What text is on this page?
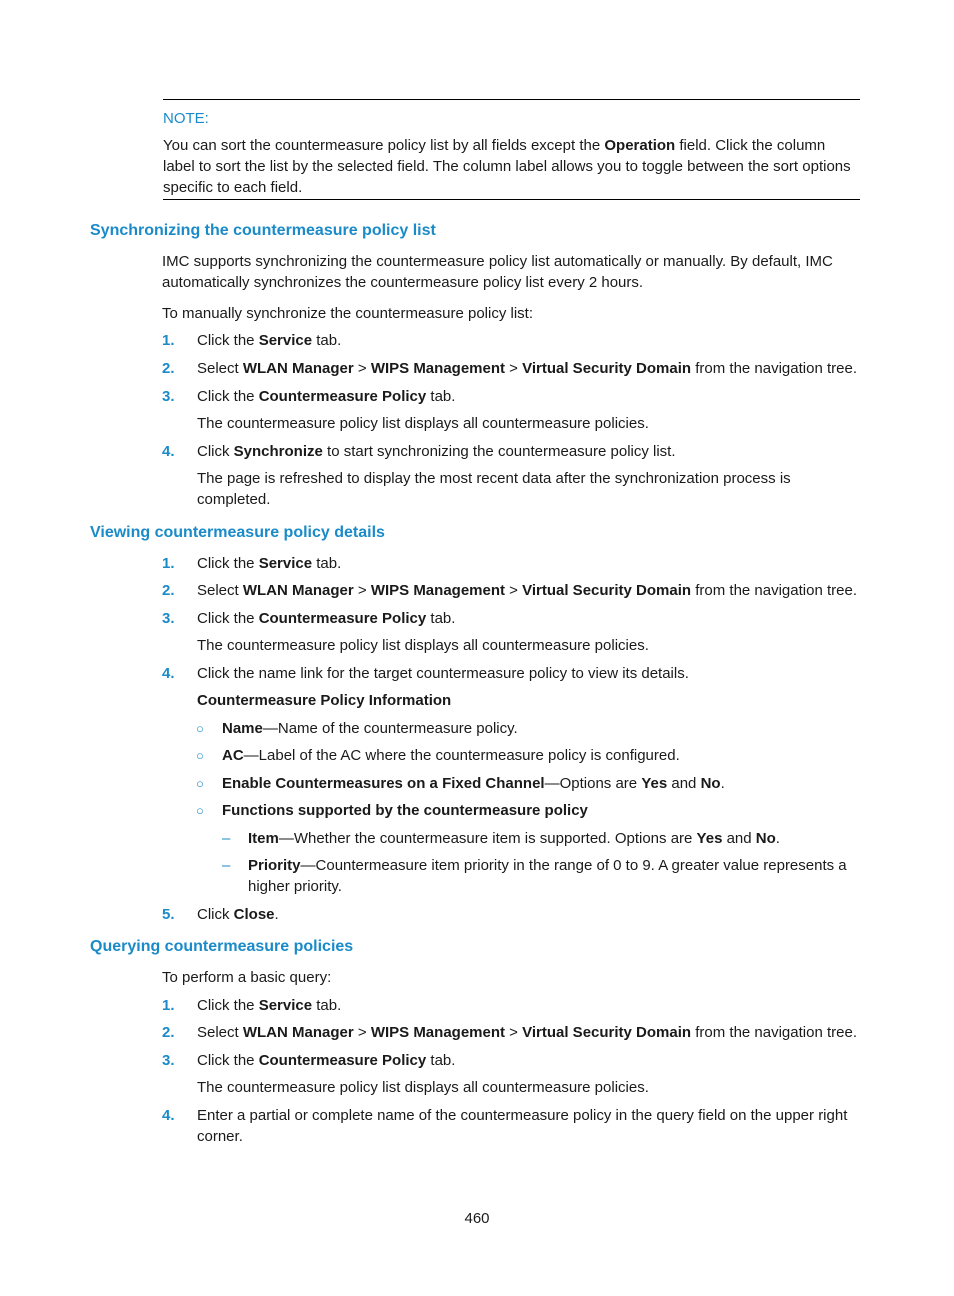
NOTE:
You can sort the countermeasure policy list by all fields except the Operation field. Click the column label to sort the list by the selected field. The column label allows you to toggle between the sort options specific to each field.
Synchronizing the countermeasure policy list
IMC supports synchronizing the countermeasure policy list automatically or manually. By default, IMC automatically synchronizes the countermeasure policy list every 2 hours.
To manually synchronize the countermeasure policy list:
1. Click the Service tab.
2. Select WLAN Manager > WIPS Management > Virtual Security Domain from the navigation tree.
3. Click the Countermeasure Policy tab.
The countermeasure policy list displays all countermeasure policies.
4. Click Synchronize to start synchronizing the countermeasure policy list.
The page is refreshed to display the most recent data after the synchronization process is completed.
Viewing countermeasure policy details
1. Click the Service tab.
2. Select WLAN Manager > WIPS Management > Virtual Security Domain from the navigation tree.
3. Click the Countermeasure Policy tab.
The countermeasure policy list displays all countermeasure policies.
4. Click the name link for the target countermeasure policy to view its details.
Countermeasure Policy Information
○ Name—Name of the countermeasure policy.
○ AC—Label of the AC where the countermeasure policy is configured.
○ Enable Countermeasures on a Fixed Channel—Options are Yes and No.
○ Functions supported by the countermeasure policy
– Item—Whether the countermeasure item is supported. Options are Yes and No.
– Priority—Countermeasure item priority in the range of 0 to 9. A greater value represents a higher priority.
5. Click Close.
Querying countermeasure policies
To perform a basic query:
1. Click the Service tab.
2. Select WLAN Manager > WIPS Management > Virtual Security Domain from the navigation tree.
3. Click the Countermeasure Policy tab.
The countermeasure policy list displays all countermeasure policies.
4. Enter a partial or complete name of the countermeasure policy in the query field on the upper right corner.
460
